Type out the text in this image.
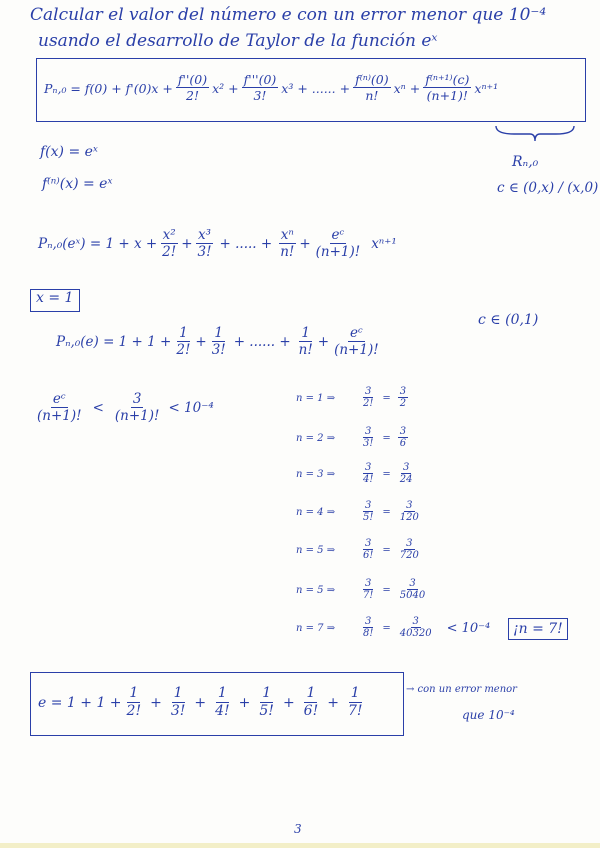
Calcular el valor del número e con un error menor que 10⁻⁴
usando el desarrollo de Taylor de la función eˣ
$P_n,_0 = f(0) + f'(0)x + \frac{f''(0)}{2!} x^2 + \frac{f'''(0)}{3!} x^3$ + ...... + $\frac{\text{f⁽ⁿ⁾(0)}}{n!}$ $x^n + \frac{\text{f⁽ⁿ⁺¹⁾(c)}}{(n+1)!} x^{n+1}$
Rₙ,₀
c ∈ (0,x) / (x,0)
f(x) = eˣ
f⁽ⁿ⁾(x) = eˣ
Pₙ,₀(eˣ) = $1 + x + \frac{\text{x²}}{2!} + \frac{\text{x³}}{3!}$ + ..... + $\frac{\text{xⁿ}}{n!} + \frac{\text{eᶜ}}{(n+1)!} x^{n+1}$
x = 1
$P_n,_0(e) = 1 + 1 + \frac{1}{2!} + \frac{1}{3!}$ + ...... + $\frac{1}{n!} + \frac{\text{eᶜ}}{(n+1)!}$
c ∈ (0,1)
$\frac{\text{eᶜ}}{(n+1)!} < \frac{3}{(n+1)!} < 10^{-4}$
n = 1 ⇒	$\frac{3}{2!} = \frac{3}{2}$
n = 2 ⇒	$\frac{3}{3!} = \frac{3}{6}$
n = 3 ⇒	$\frac{3}{4!} = \frac{3}{24}$
n = 4 ⇒	$\frac{3}{5!} = \frac{3}{120}$
n = 5 ⇒	$\frac{3}{6!} = \frac{3}{720}$
n = 5 ⇒	$\frac{3}{7!} = \frac{3}{5040}$
n = 7 ⇒	$\frac{3}{8!} = \frac{3}{40320} < 10^{-4}$	¡n = 7!
$e = 1 + 1 + \frac{1}{2!} + \frac{1}{3!} + \frac{1}{4!} + \frac{1}{5!} + \frac{1}{6!} + \frac{1}{7!}$	→ con un error menor
que 10⁻⁴
3
